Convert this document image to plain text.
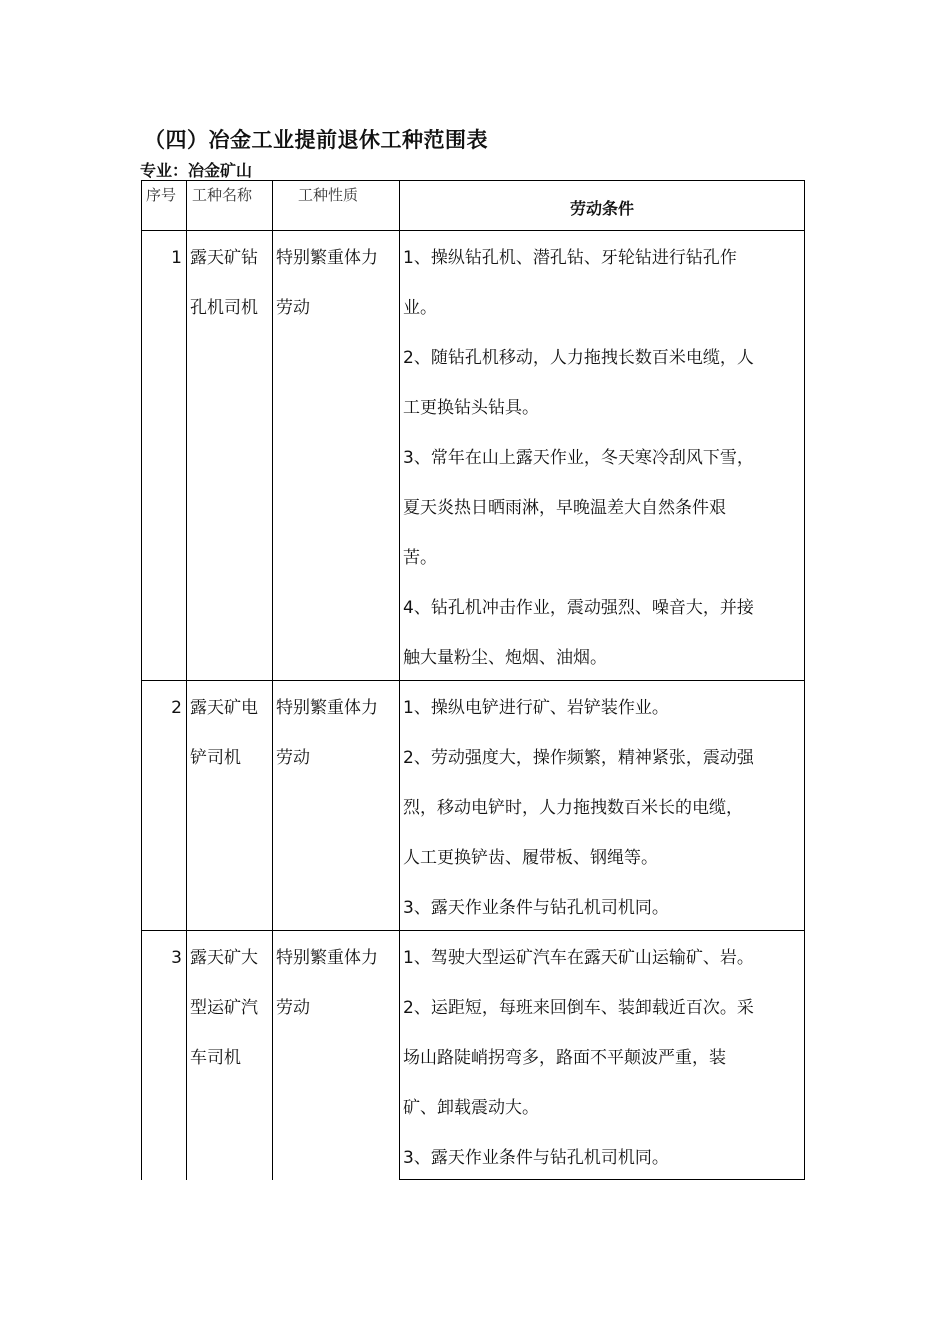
（四）冶金工业提前退休工种范围表
专业：冶金矿山
序号 工种名称	工种性质
劳动条件
1 露天矿钻
孔机司机
特别繁重体力
劳动
1、操纵钻孔机、潜孔钻、牙轮钻进行钻孔作
业。
2、随钻孔机移动，人力拖拽长数百米电缆，人
工更换钻头钻具。
3、常年在山上露天作业，冬天寒冷刮风下雪，
夏天炎热日晒雨淋，早晚温差大自然条件艰
苦。
4、钻孔机冲击作业，震动强烈、噪音大，并接
触大量粉尘、炮烟、油烟。
2 露天矿电
铲司机
特别繁重体力
劳动
1、操纵电铲进行矿、岩铲装作业。
2、劳动强度大，操作频繁，精神紧张，震动强
烈，移动电铲时，人力拖拽数百米长的电缆，
人工更换铲齿、履带板、钢绳等。
3、露天作业条件与钻孔机司机同。
3 露天矿大
型运矿汽
车司机
特别繁重体力
劳动
1、驾驶大型运矿汽车在露天矿山运输矿、岩。
2、运距短，每班来回倒车、装卸载近百次。采
场山路陡峭拐弯多，路面不平颠波严重，装
矿、卸载震动大。
3、露天作业条件与钻孔机司机同。
